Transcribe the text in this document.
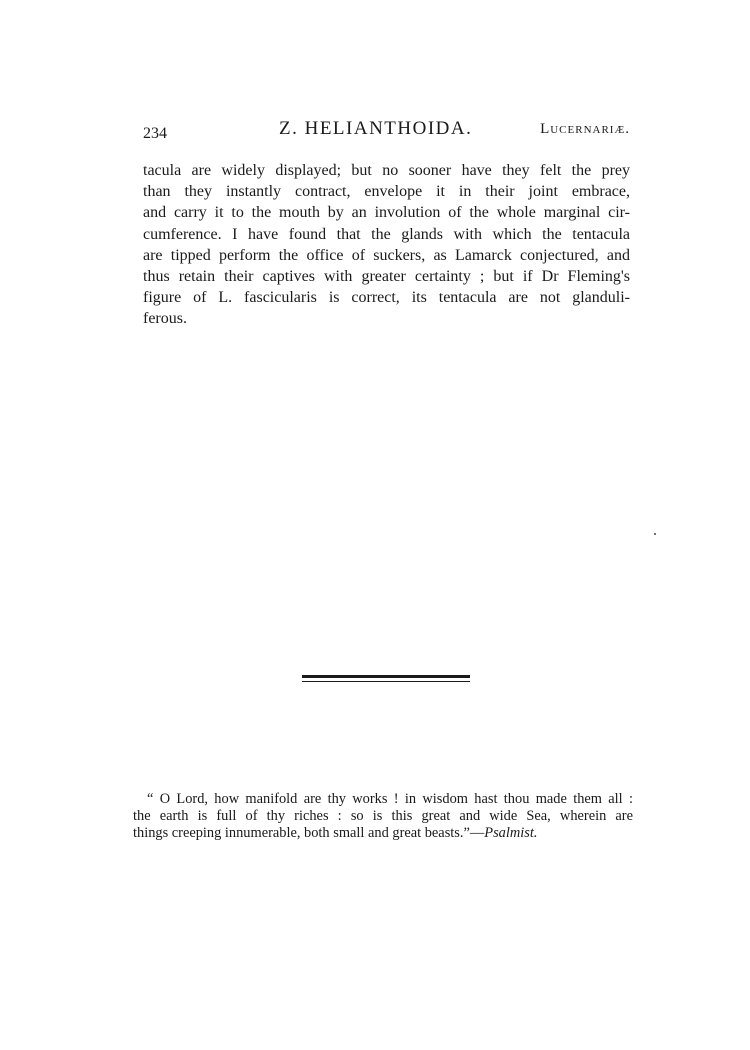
234	Z. HELIANTHOIDA.	Lucernariæ.

tacula are widely displayed; but no sooner have they felt the prey
than they instantly contract, envelope it in their joint embrace,
and carry it to the mouth by an involution of the whole marginal cir-
cumference. I have found that the glands with which the tentacula
are tipped perform the office of suckers, as Lamarck conjectured, and
thus retain their captives with greater certainty ; but if Dr Fleming's
figure of L. fascicularis is correct, its tentacula are not glanduli-
ferous.

“ O Lord, how manifold are thy works ! in wisdom hast thou made them all :
the earth is full of thy riches : so is this great and wide Sea, wherein are
things creeping innumerable, both small and great beasts.”—Psalmist.
